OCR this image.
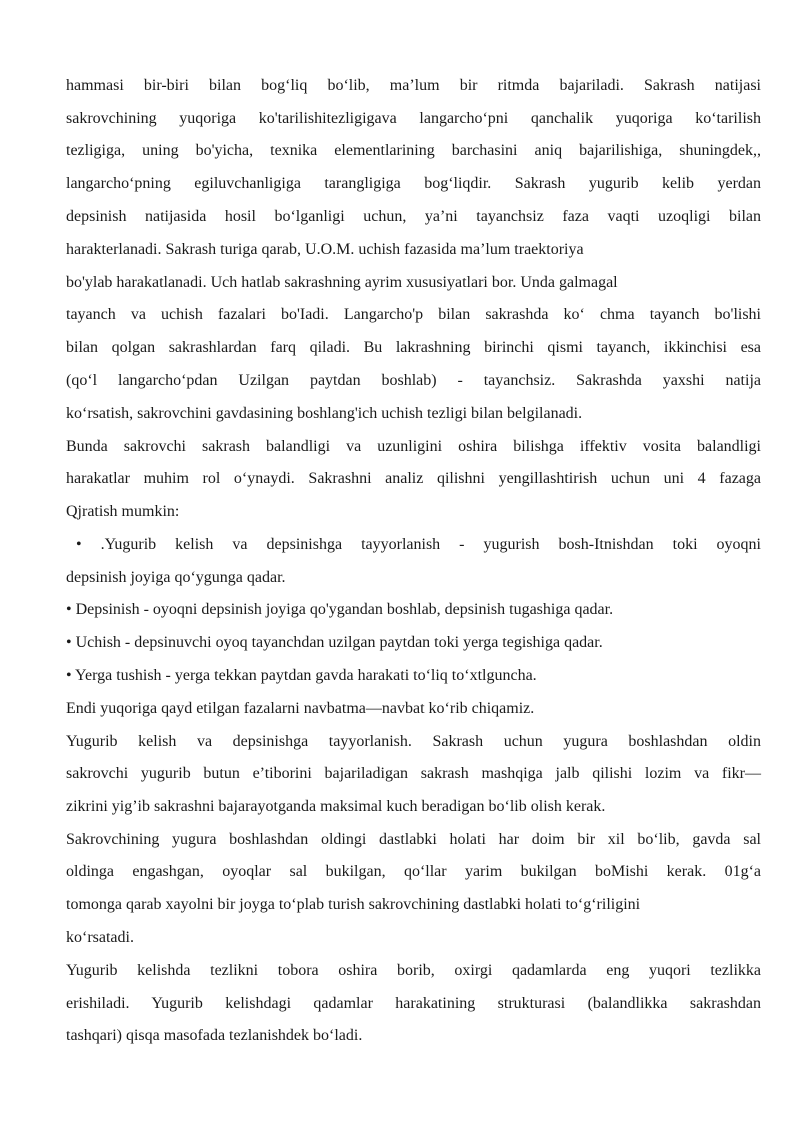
hammasi bir-biri bilan bog‘liq bo‘lib, ma’lum bir ritmda bajariladi. Sakrash natijasi
sakrovchining yuqoriga ko'tarilishitezligigava langarcho‘pni qanchalik yuqoriga ko‘tarilish
tezligiga, uning bo'yicha, texnika elementlarining barchasini aniq bajarilishiga, shuningdek,,
langarcho‘pning egiluvchanligiga tarangligiga bog‘liqdir. Sakrash yugurib kelib yerdan
depsinish natijasida hosil bo‘lganligi uchun, ya’ni tayanchsiz faza vaqti uzoqligi bilan
harakterlanadi. Sakrash turiga qarab, U.O.M. uchish fazasida ma’lum traektoriya
bo'ylab harakatlanadi. Uch hatlab sakrashning ayrim xususiyatlari bor. Unda galmagal
tayanch va uchish fazalari bo'Iadi. Langarcho'p bilan sakrashda ko‘ chma tayanch bo'lishi
bilan qolgan sakrashlardan farq qiladi. Bu lakrashning birinchi qismi tayanch, ikkinchisi esa
(qo‘l langarcho‘pdan Uzilgan paytdan boshlab) - tayanchsiz. Sakrashda yaxshi natija
ko‘rsatish, sakrovchini gavdasining boshlang'ich uchish tezligi bilan belgilanadi.
Bunda sakrovchi sakrash balandligi va uzunligini oshira bilishga iffektiv vosita balandligi
harakatlar muhim rol o‘ynaydi. Sakrashni analiz qilishni yengillashtirish uchun uni 4 fazaga
Qjratish mumkin:
• .Yugurib kelish va depsinishga tayyorlanish - yugurish bosh-Itnishdan toki oyoqni
depsinish joyiga qo‘ygunga qadar.
• Depsinish - oyoqni depsinish joyiga qo'ygandan boshlab, depsinish tugashiga qadar.
• Uchish - depsinuvchi oyoq tayanchdan uzilgan paytdan toki yerga tegishiga qadar.
• Yerga tushish - yerga tekkan paytdan gavda harakati to‘liq to‘xtlguncha.
Endi yuqoriga qayd etilgan fazalarni navbatma—navbat ko‘rib chiqamiz.
Yugurib kelish va depsinishga tayyorlanish. Sakrash uchun yugura boshlashdan oldin
sakrovchi yugurib butun e’tiborini bajariladigan sakrash mashqiga jalb qilishi lozim va fikr—
zikrini yig’ib sakrashni bajarayotganda maksimal kuch beradigan bo‘lib olish kerak.
Sakrovchining yugura boshlashdan oldingi dastlabki holati har doim bir xil bo‘lib, gavda sal
oldinga engashgan, oyoqlar sal bukilgan, qo‘llar yarim bukilgan boMishi kerak. 01g‘a
tomonga qarab xayolni bir joyga to‘plab turish sakrovchining dastlabki holati to‘g‘riligini
ko‘rsatadi.
Yugurib kelishda tezlikni tobora oshira borib, oxirgi qadamlarda eng yuqori tezlikka
erishiladi. Yugurib kelishdagi qadamlar harakatining strukturasi (balandlikka sakrashdan
tashqari) qisqa masofada tezlanishdek bo‘ladi.
